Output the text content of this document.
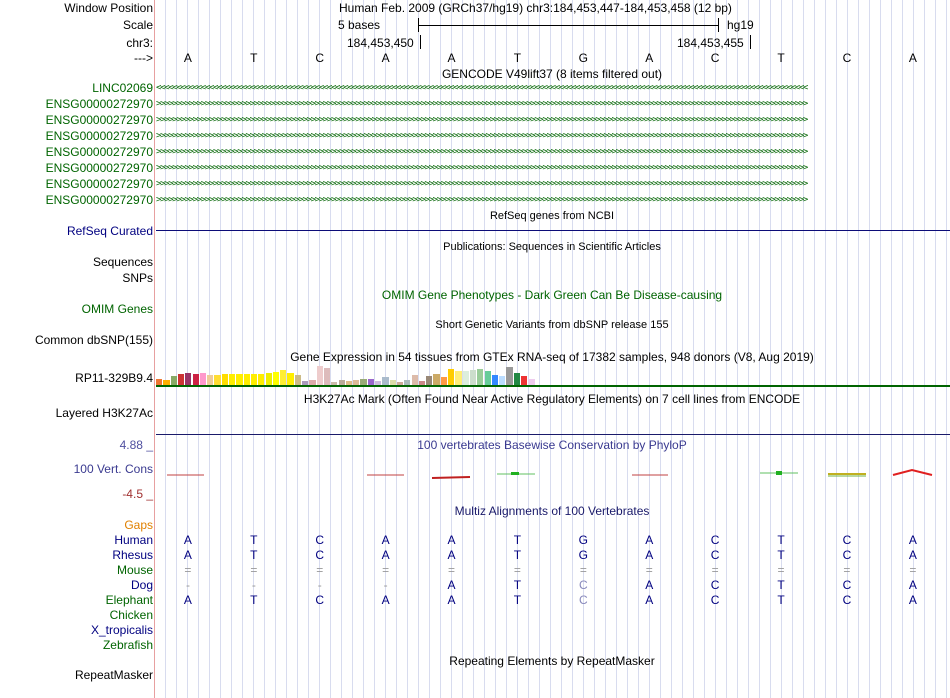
Window Position	Human Feb. 2009 (GRCh37/hg19) chr3:184,453,447-184,453,458 (12 bp)
Scale	5 bases	hg19
chr3:	184,453,450	184,453,455
--->	A	T	C	A	A	T	G	A	C	T	C	A
GENCODE V49lift37 (8 items filtered out)
LINC02069 <<<<<<<<<<<<<<<<<<<<<<<<<<<<<<<<<<<<<<<<<<<<<<<<<<<<<<<<<<<<<<<<<<<<<<<<<<<<<<<<<<<<<<<<<<<<<<<<<<<<<<<<<<<<<<<<<<<<<<<<<<<<<<<<<<<<<<<<<<<<<<<<<<<<<<<<<<<<<<<<
ENSG00000272970 >>>>>>>>>>>>>>>>>>>>>>>>>>>>>>>>>>>>>>>>>>>>>>>>>>>>>>>>>>>>>>>>>>>>>>>>>>>>>>>>>>>>>>>>>>>>>>>>>>>>>>>>>>>>>>>>>>>>>>>>>>>>>>>>>>>>>>>>>>>>>>>>>>>>>>>>>>>>>>>>
ENSG00000272970 >>>>>>>>>>>>>>>>>>>>>>>>>>>>>>>>>>>>>>>>>>>>>>>>>>>>>>>>>>>>>>>>>>>>>>>>>>>>>>>>>>>>>>>>>>>>>>>>>>>>>>>>>>>>>>>>>>>>>>>>>>>>>>>>>>>>>>>>>>>>>>>>>>>>>>>>>>>>>>>>
ENSG00000272970 >>>>>>>>>>>>>>>>>>>>>>>>>>>>>>>>>>>>>>>>>>>>>>>>>>>>>>>>>>>>>>>>>>>>>>>>>>>>>>>>>>>>>>>>>>>>>>>>>>>>>>>>>>>>>>>>>>>>>>>>>>>>>>>>>>>>>>>>>>>>>>>>>>>>>>>>>>>>>>>>
ENSG00000272970 >>>>>>>>>>>>>>>>>>>>>>>>>>>>>>>>>>>>>>>>>>>>>>>>>>>>>>>>>>>>>>>>>>>>>>>>>>>>>>>>>>>>>>>>>>>>>>>>>>>>>>>>>>>>>>>>>>>>>>>>>>>>>>>>>>>>>>>>>>>>>>>>>>>>>>>>>>>>>>>>
ENSG00000272970 >>>>>>>>>>>>>>>>>>>>>>>>>>>>>>>>>>>>>>>>>>>>>>>>>>>>>>>>>>>>>>>>>>>>>>>>>>>>>>>>>>>>>>>>>>>>>>>>>>>>>>>>>>>>>>>>>>>>>>>>>>>>>>>>>>>>>>>>>>>>>>>>>>>>>>>>>>>>>>>>
ENSG00000272970 >>>>>>>>>>>>>>>>>>>>>>>>>>>>>>>>>>>>>>>>>>>>>>>>>>>>>>>>>>>>>>>>>>>>>>>>>>>>>>>>>>>>>>>>>>>>>>>>>>>>>>>>>>>>>>>>>>>>>>>>>>>>>>>>>>>>>>>>>>>>>>>>>>>>>>>>>>>>>>>>
ENSG00000272970 >>>>>>>>>>>>>>>>>>>>>>>>>>>>>>>>>>>>>>>>>>>>>>>>>>>>>>>>>>>>>>>>>>>>>>>>>>>>>>>>>>>>>>>>>>>>>>>>>>>>>>>>>>>>>>>>>>>>>>>>>>>>>>>>>>>>>>>>>>>>>>>>>>>>>>>>>>>>>>>>
RefSeq genes from NCBI
RefSeq Curated
Publications: Sequences in Scientific Articles
Sequences
SNPs
OMIM Gene Phenotypes - Dark Green Can Be Disease-causing
OMIM Genes
Short Genetic Variants from dbSNP release 155
Common dbSNP(155)
Gene Expression in 54 tissues from GTEx RNA-seq of 17382 samples, 948 donors (V8, Aug 2019)
RP11-329B9.4
H3K27Ac Mark (Often Found Near Active Regulatory Elements) on 7 cell lines from ENCODE
Layered H3K27Ac
4.88 _	100 vertebrates Basewise Conservation by PhyloP
100 Vert. Cons
-4.5 _
Multiz Alignments of 100 Vertebrates
Gaps
Human	A	T	C	A	A	T	G	A	C	T	C	A
Rhesus	A	T	C	A	A	T	G	A	C	T	C	A
Mouse	=	=	=	=	=	=	=	=	=	=	=	=
Dog	-	-	-	-	A	T	C	A	C	T	C	A
Elephant	A	T	C	A	A	T	C	A	C	T	C	A
Chicken
X_tropicalis
Zebrafish
Repeating Elements by RepeatMasker
RepeatMasker
